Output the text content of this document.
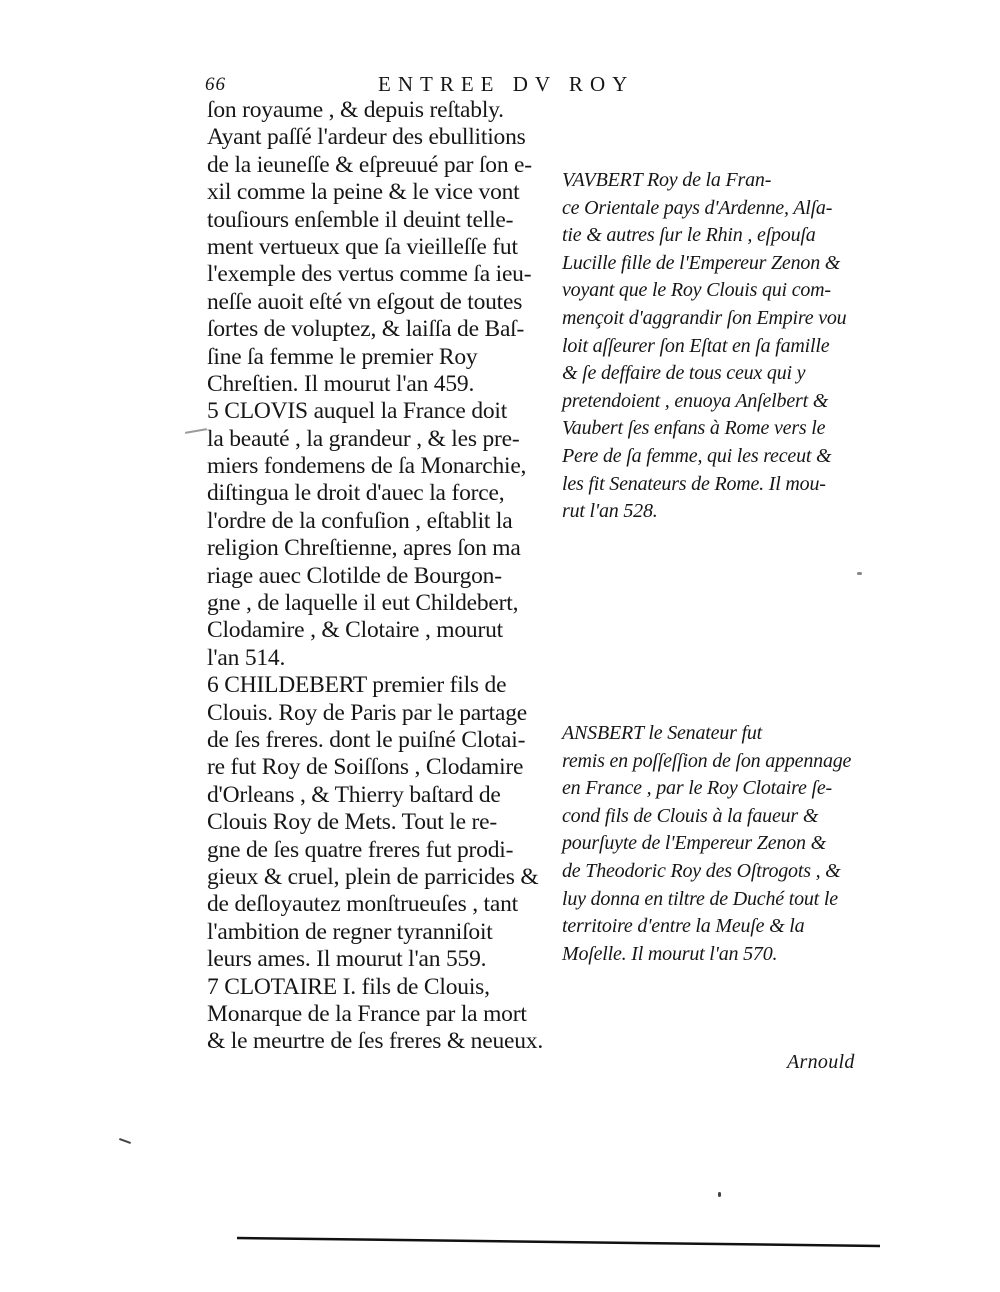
66	ENTREE DV ROY
ſon royaume , & depuis reſtably.
Ayant paſſé l'ardeur des ebullitions
de la ieuneſſe & eſpreuué par ſon e-
xil comme la peine & le vice vont
touſiours enſemble il deuint telle-
ment vertueux que ſa vieilleſſe fut
l'exemple des vertus comme ſa ieu-
neſſe auoit eſté vn eſgout de toutes
ſortes de voluptez, & laiſſa de Baſ-
ſine ſa femme le premier Roy
Chreſtien. Il mourut l'an 459.
5 CLOVIS auquel la France doit
la beauté , la grandeur , & les pre-
miers fondemens de ſa Monarchie,
diſtingua le droit d'auec la force,
l'ordre de la confuſion , eſtablit la
religion Chreſtienne, apres ſon ma
riage auec Clotilde de Bourgon-
gne , de laquelle il eut Childebert,
Clodamire , & Clotaire , mourut
l'an 514.
6 CHILDEBERT premier fils de
Clouis. Roy de Paris par le partage
de ſes freres. dont le puiſné Clotai-
re fut Roy de Soiſſons , Clodamire
d'Orleans , & Thierry baſtard de
Clouis Roy de Mets. Tout le re-
gne de ſes quatre freres fut prodi-
gieux & cruel, plein de parricides &
de deſloyautez monſtrueuſes , tant
l'ambition de regner tyranniſoit
leurs ames. Il mourut l'an 559.
7 CLOTAIRE I. fils de Clouis,
Monarque de la France par la mort
& le meurtre de ſes freres & neueux.
VAVBERT Roy de la Fran-
ce Orientale pays d'Ardenne, Alſa-
tie & autres ſur le Rhin , eſpouſa
Lucille fille de l'Empereur Zenon &
voyant que le Roy Clouis qui com-
mençoit d'aggrandir ſon Empire vou
loit aſſeurer ſon Eſtat en ſa famille
& ſe deffaire de tous ceux qui y
pretendoient , enuoya Anſelbert &
Vaubert ſes enfans à Rome vers le
Pere de ſa femme, qui les receut &
les fit Senateurs de Rome. Il mou-
rut l'an 528.
ANSBERT le Senateur fut
remis en poſſeſſion de ſon appennage
en France , par le Roy Clotaire ſe-
cond fils de Clouis à la faueur &
pourſuyte de l'Empereur Zenon &
de Theodoric Roy des Oſtrogots , &
luy donna en tiltre de Duché tout le
territoire d'entre la Meuſe & la
Moſelle. Il mourut l'an 570.
Arnould
